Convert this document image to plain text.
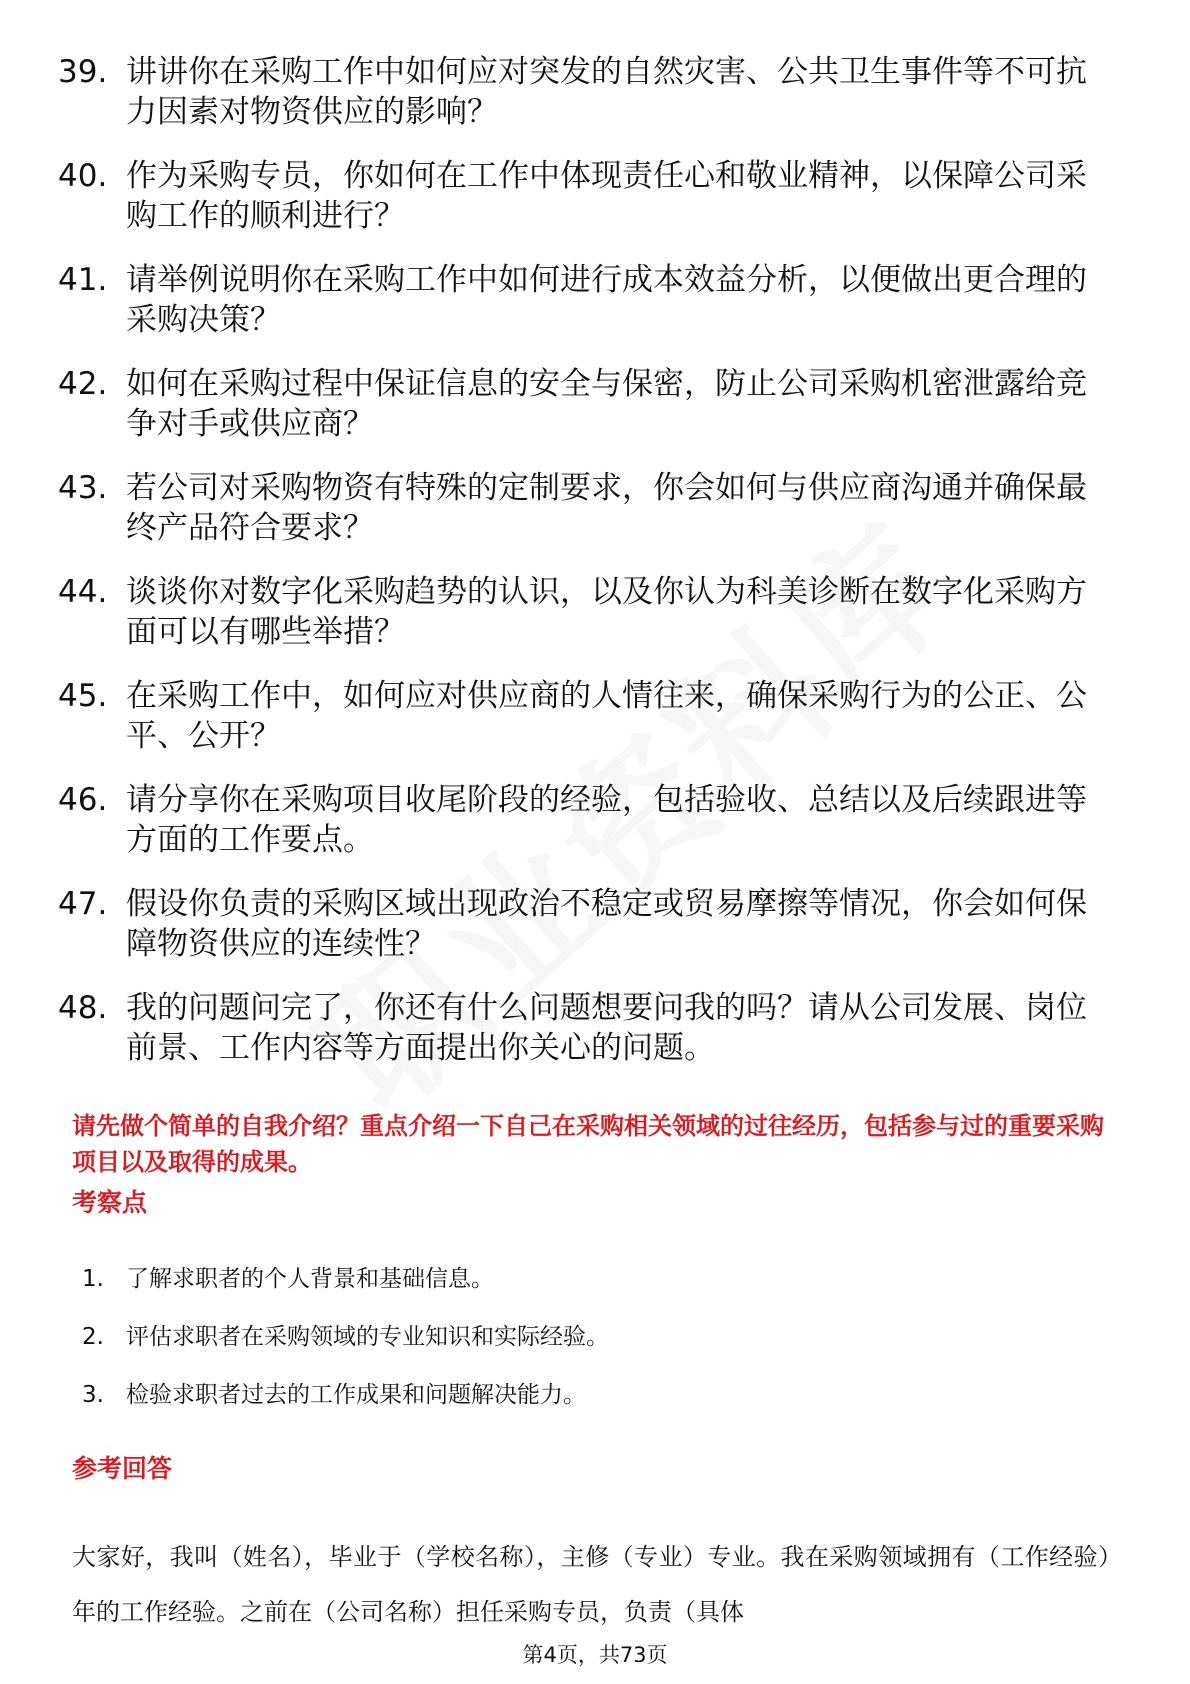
39. 讲讲你在采购工作中如何应对突发的自然灾害、公共卫生事件等不可抗力因素对物资供应的影响？
40. 作为采购专员，你如何在工作中体现责任心和敬业精神，以保障公司采购工作的顺利进行？
41. 请举例说明你在采购工作中如何进行成本效益分析，以便做出更合理的采购决策？
42. 如何在采购过程中保证信息的安全与保密，防止公司采购机密泄露给竞争对手或供应商？
43. 若公司对采购物资有特殊的定制要求，你会如何与供应商沟通并确保最终产品符合要求？
44. 谈谈你对数字化采购趋势的认识，以及你认为科美诊断在数字化采购方面可以有哪些举措？
45. 在采购工作中，如何应对供应商的人情往来，确保采购行为的公正、公平、公开？
46. 请分享你在采购项目收尾阶段的经验，包括验收、总结以及后续跟进等方面的工作要点。
47. 假设你负责的采购区域出现政治不稳定或贸易摩擦等情况，你会如何保障物资供应的连续性？
48. 我的问题问完了，你还有什么问题想要问我的吗？请从公司发展、岗位前景、工作内容等方面提出你关心的问题。
请先做个简单的自我介绍？重点介绍一下自己在采购相关领域的过往经历，包括参与过的重要采购项目以及取得的成果。
考察点
1. 了解求职者的个人背景和基础信息。
2. 评估求职者在采购领域的专业知识和实际经验。
3. 检验求职者过去的工作成果和问题解决能力。
参考回答
大家好，我叫（姓名），毕业于（学校名称），主修（专业）专业。我在采购领域拥有（工作经验）年的工作经验。之前在（公司名称）担任采购专员，负责（具体
第4页，共73页
